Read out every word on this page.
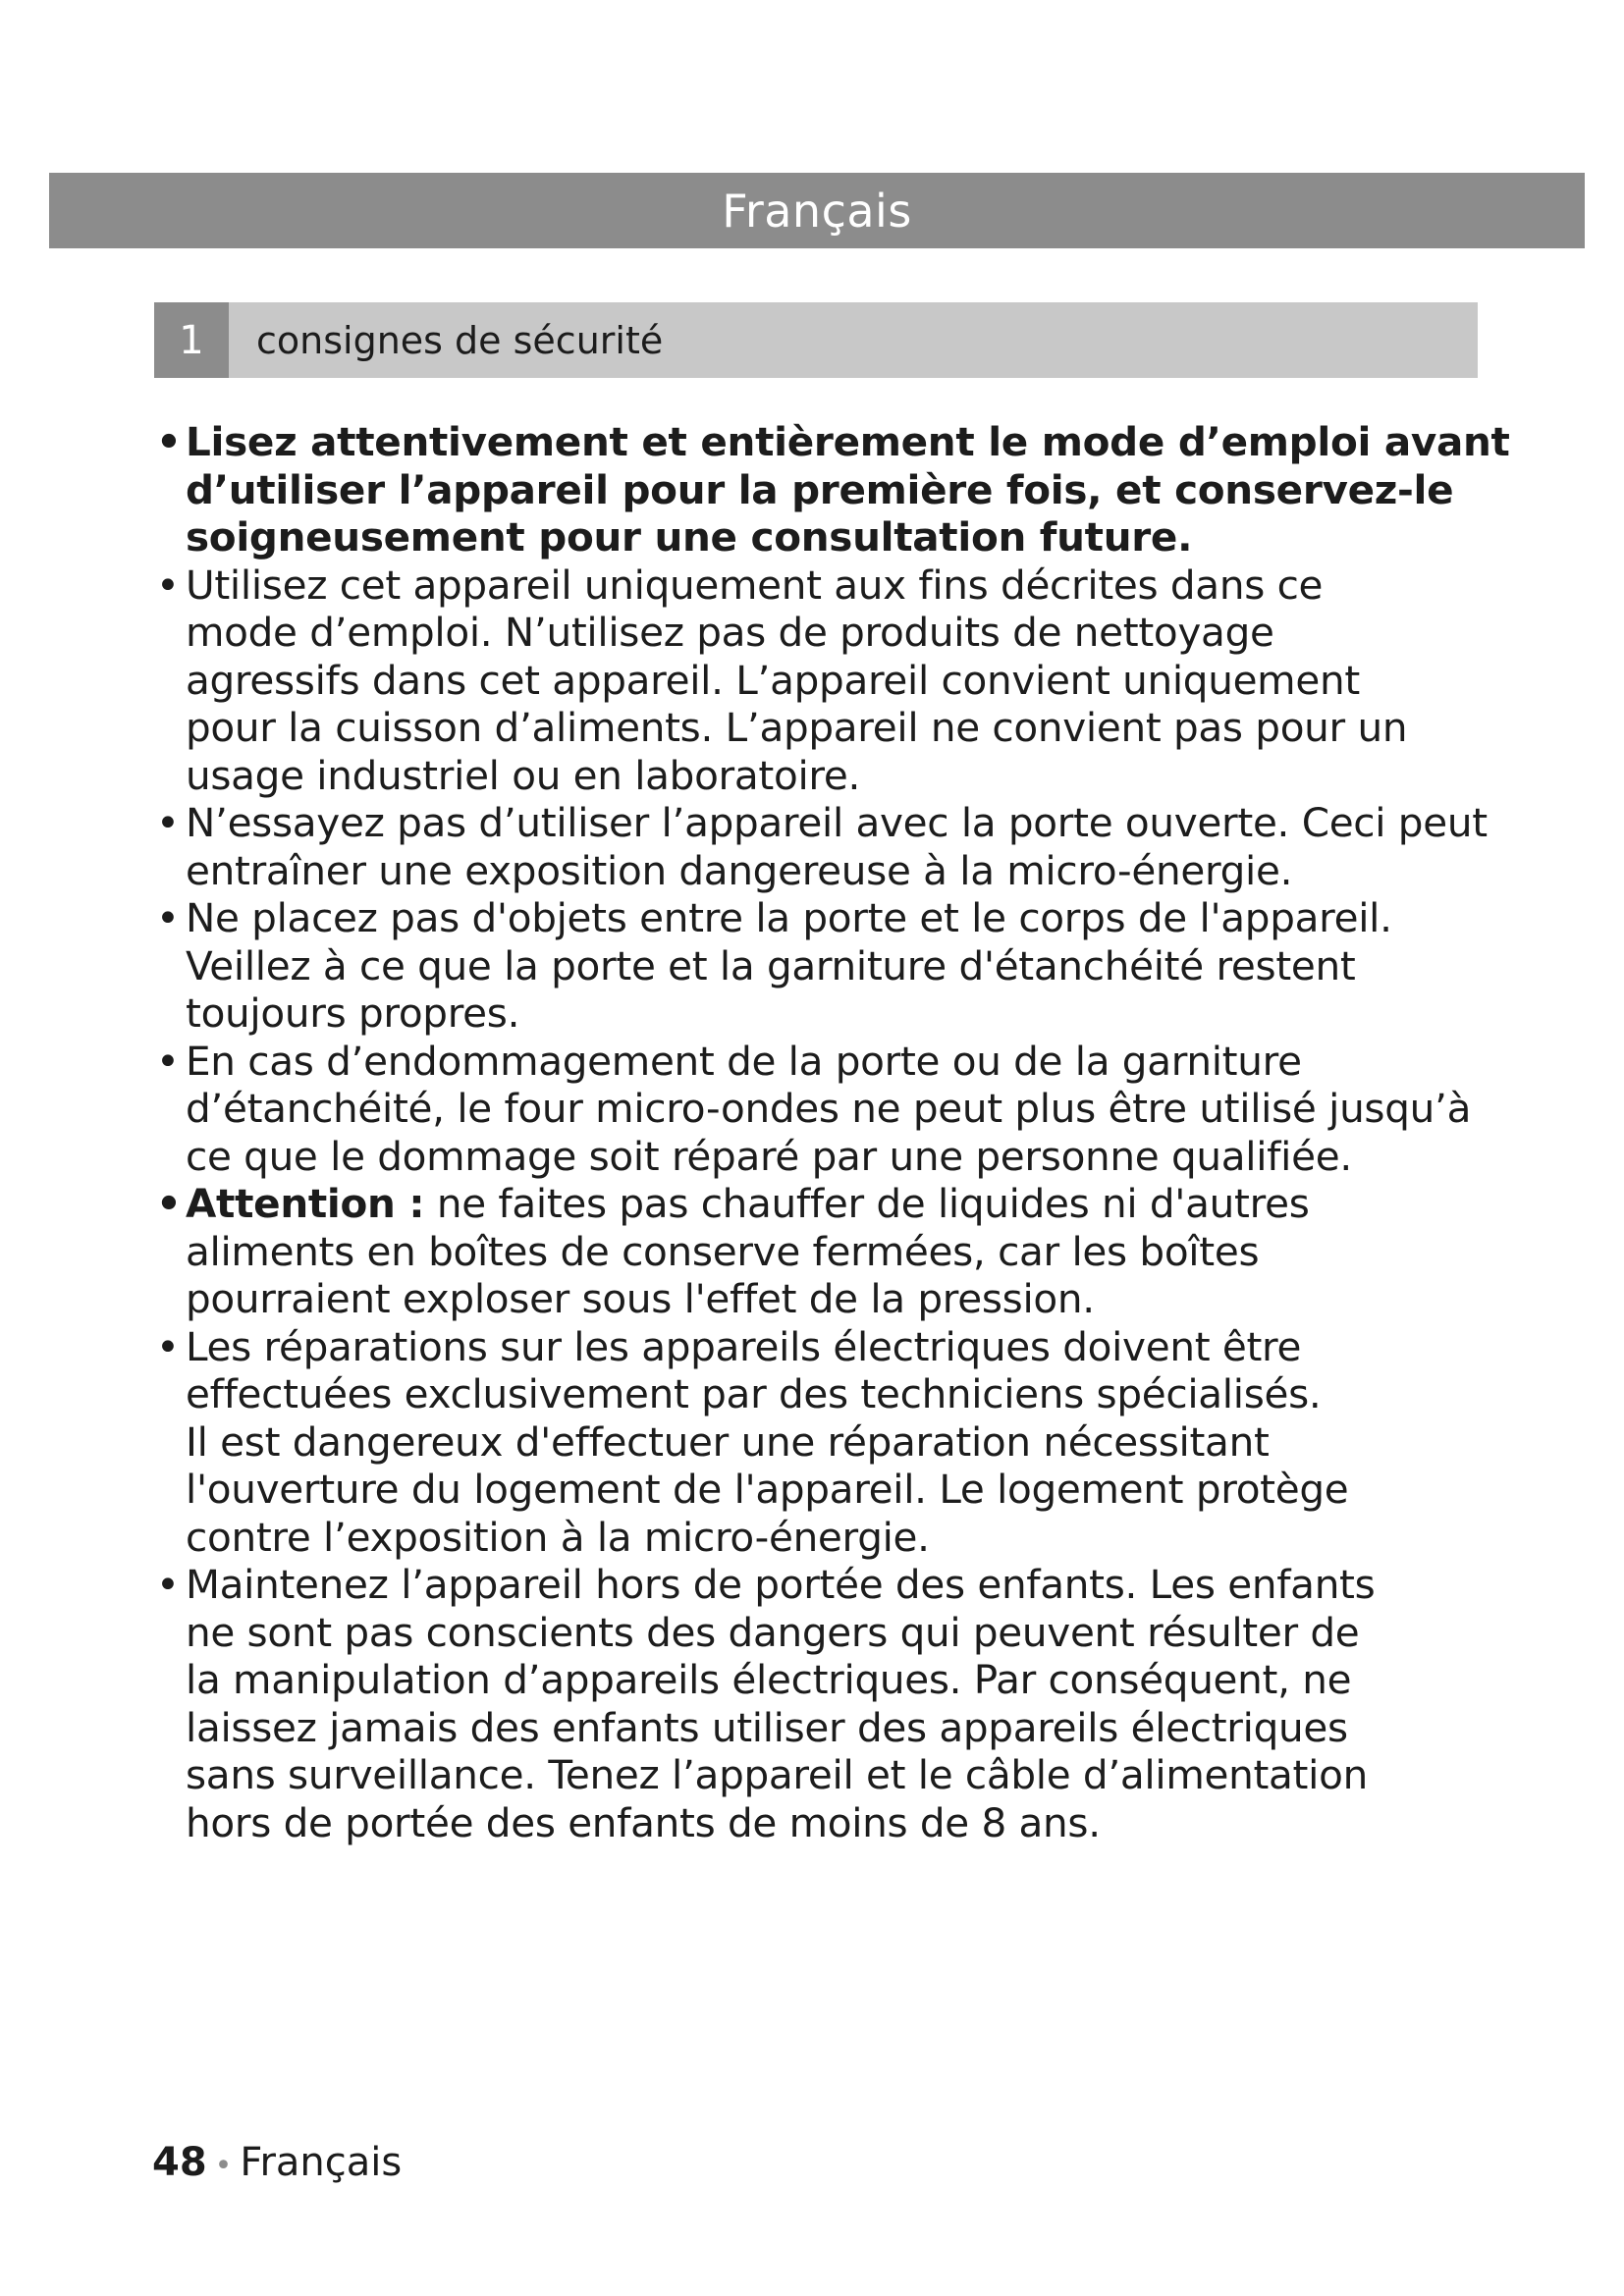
Français
1	consignes de sécurité
• Lisez attentivement et entièrement le mode d’emploi avant
d’utiliser l’appareil pour la première fois, et conservez-le
soigneusement pour une consultation future.
• Utilisez cet appareil uniquement aux fins décrites dans ce
mode d’emploi. N’utilisez pas de produits de nettoyage
agressifs dans cet appareil. L’appareil convient uniquement
pour la cuisson d’aliments. L’appareil ne convient pas pour un
usage industriel ou en laboratoire.
• N’essayez pas d’utiliser l’appareil avec la porte ouverte. Ceci peut
entraîner une exposition dangereuse à la micro-énergie.
• Ne placez pas d'objets entre la porte et le corps de l'appareil.
Veillez à ce que la porte et la garniture d'étanchéité restent
toujours propres.
• En cas d’endommagement de la porte ou de la garniture
d’étanchéité, le four micro-ondes ne peut plus être utilisé jusqu’à
ce que le dommage soit réparé par une personne qualifiée.
• Attention : ne faites pas chauffer de liquides ni d'autres
aliments en boîtes de conserve fermées, car les boîtes
pourraient exploser sous l'effet de la pression.
• Les réparations sur les appareils électriques doivent être
effectuées exclusivement par des techniciens spécialisés.
Il est dangereux d'effectuer une réparation nécessitant
l'ouverture du logement de l'appareil. Le logement protège
contre l’exposition à la micro-énergie.
• Maintenez l’appareil hors de portée des enfants. Les enfants
ne sont pas conscients des dangers qui peuvent résulter de
la manipulation d’appareils électriques. Par conséquent, ne
laissez jamais des enfants utiliser des appareils électriques
sans surveillance. Tenez l’appareil et le câble d’alimentation
hors de portée des enfants de moins de 8 ans.
48 • Français
